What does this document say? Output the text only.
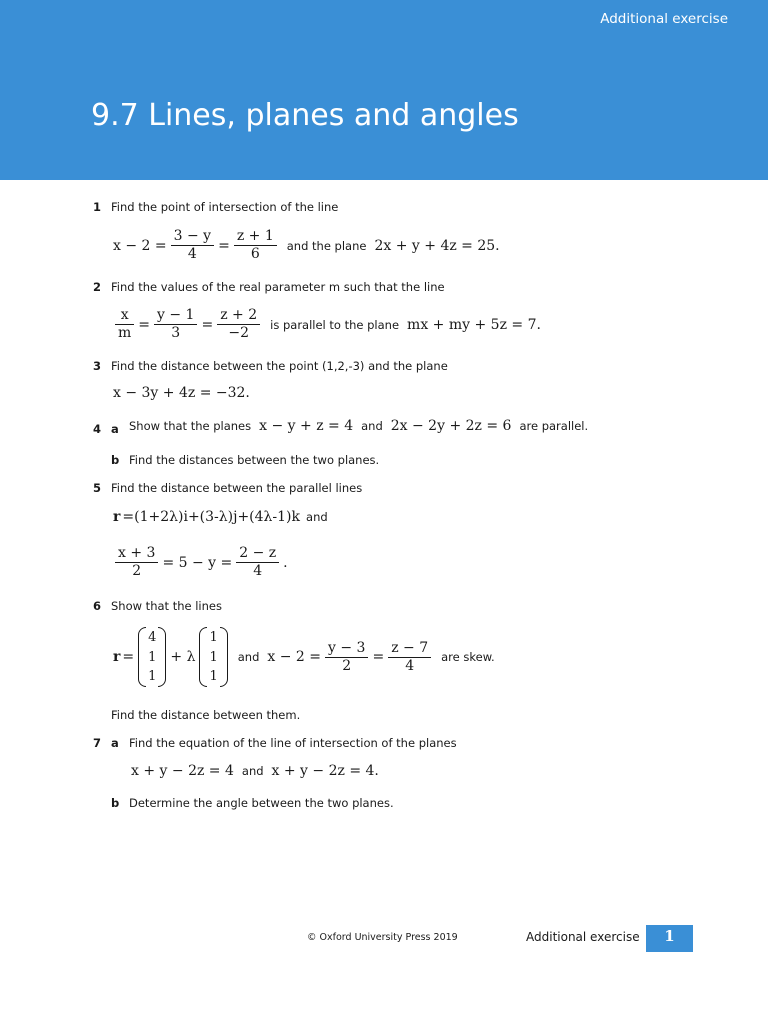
Additional exercise
9.7 Lines, planes and angles
1 Find the point of intersection of the line
$x - 2 = \frac{3 - y}{4} = \frac{z + 1}{6}$ and the plane 2x + y + 4z = 25.
2 Find the values of the real parameter m such that the line
$\frac{x}{m} = \frac{y - 1}{3} = \frac{z + 2}{-2}$ is parallel to the plane mx + my + 5z = 7.
3 Find the distance between the point (1,2,-3) and the plane
x − 3y + 4z = −32.
4 a Show that the planes x − y + z = 4 and 2x − 2y + 2z = 6 are parallel.
b Find the distances between the two planes.
5 Find the distance between the parallel lines
r =(1+2λ)i+(3-λ)j+(4λ-1)k and
$\frac{x + 3}{2} = 5 - y = \frac{2 - z}{4}$ .
6 Show that the lines
r =
4
1
1
+ λ
1
1
1
and $x - 2 = \frac{y - 3}{2} = \frac{z - 7}{4}$ are skew.
Find the distance between them.
7 a Find the equation of the line of intersection of the planes
x + y − 2z = 4 and x + y − 2z = 4.
b Determine the angle between the two planes.
© Oxford University Press 2019	Additional exercise	1
